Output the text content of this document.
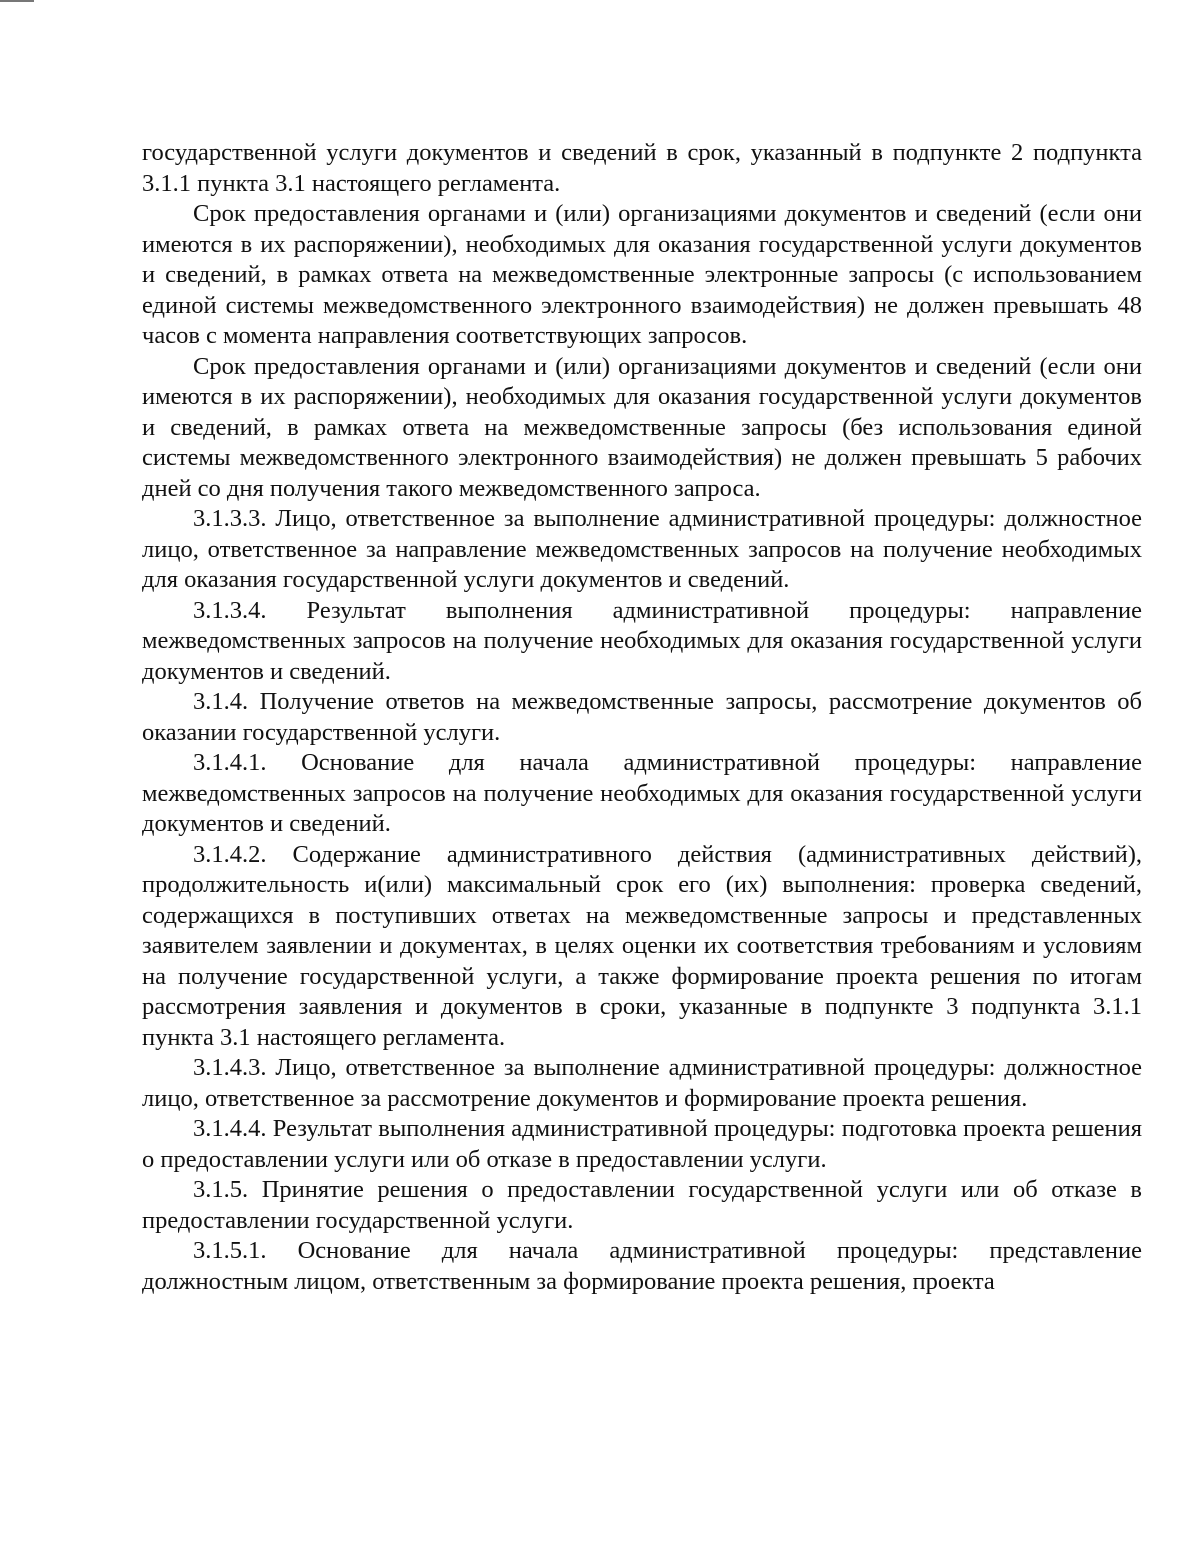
государственной услуги документов и сведений в срок, указанный в подпункте 2 подпункта 3.1.1 пункта 3.1 настоящего регламента.

Срок предоставления органами и (или) организациями документов и сведений (если они имеются в их распоряжении), необходимых для оказания государственной услуги документов и сведений, в рамках ответа на межведомственные электронные запросы (с использованием единой системы межведомственного электронного взаимодействия) не должен превышать 48 часов с момента направления соответствующих запросов.

Срок предоставления органами и (или) организациями документов и сведений (если они имеются в их распоряжении), необходимых для оказания государственной услуги документов и сведений, в рамках ответа на межведомственные запросы (без использования единой системы межведомственного электронного взаимодействия) не должен превышать 5 рабочих дней со дня получения такого межведомственного запроса.

3.1.3.3. Лицо, ответственное за выполнение административной процедуры: должностное лицо, ответственное за направление межведомственных запросов на получение необходимых для оказания государственной услуги документов и сведений.

3.1.3.4. Результат выполнения административной процедуры: направление межведомственных запросов на получение необходимых для оказания государственной услуги документов и сведений.

3.1.4. Получение ответов на межведомственные запросы, рассмотрение документов об оказании государственной услуги.

3.1.4.1. Основание для начала административной процедуры: направление межведомственных запросов на получение необходимых для оказания государственной услуги документов и сведений.

3.1.4.2. Содержание административного действия (административных действий), продолжительность и(или) максимальный срок его (их) выполнения: проверка сведений, содержащихся в поступивших ответах на межведомственные запросы и представленных заявителем заявлении и документах, в целях оценки их соответствия требованиям и условиям на получение государственной услуги, а также формирование проекта решения по итогам рассмотрения заявления и документов в сроки, указанные в подпункте 3 подпункта 3.1.1 пункта 3.1 настоящего регламента.

3.1.4.3. Лицо, ответственное за выполнение административной процедуры: должностное лицо, ответственное за рассмотрение документов и формирование проекта решения.

3.1.4.4. Результат выполнения административной процедуры: подготовка проекта решения о предоставлении услуги или об отказе в предоставлении услуги.

3.1.5. Принятие решения о предоставлении государственной услуги или об отказе в предоставлении государственной услуги.

3.1.5.1. Основание для начала административной процедуры: представление должностным лицом, ответственным за формирование проекта решения, проекта
